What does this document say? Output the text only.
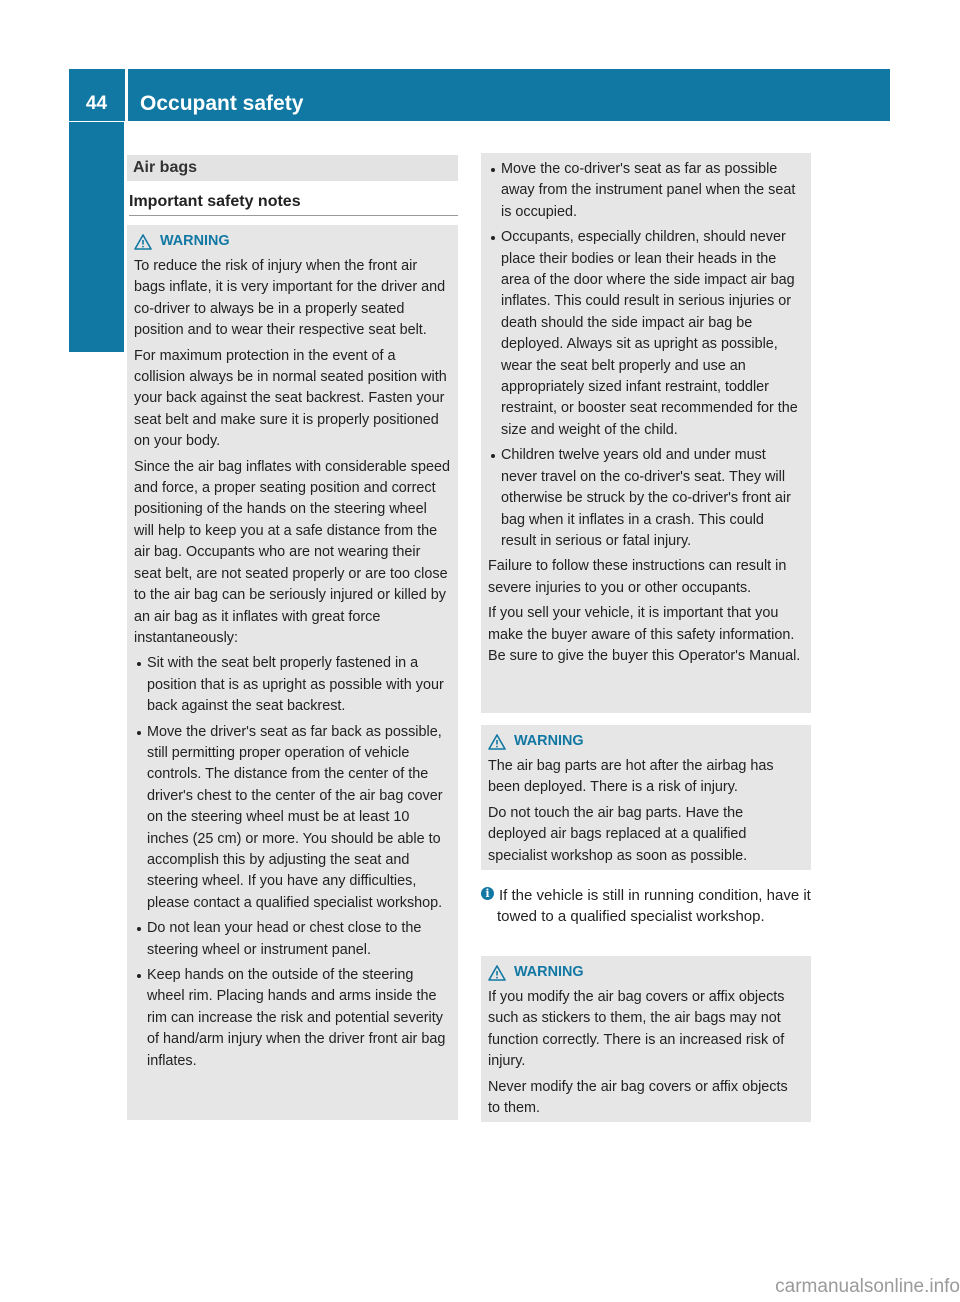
44	Occupant safety
Safety
Air bags
Important safety notes
WARNING

To reduce the risk of injury when the front air bags inflate, it is very important for the driver and co-driver to always be in a properly seated position and to wear their respective seat belt.

For maximum protection in the event of a collision always be in normal seated position with your back against the seat backrest. Fasten your seat belt and make sure it is properly positioned on your body.

Since the air bag inflates with considerable speed and force, a proper seating position and correct positioning of the hands on the steering wheel will help to keep you at a safe distance from the air bag. Occupants who are not wearing their seat belt, are not seated properly or are too close to the air bag can be seriously injured or killed by an air bag as it inflates with great force instantaneously:

Sit with the seat belt properly fastened in a position that is as upright as possible with your back against the seat backrest.
Move the driver's seat as far back as possible, still permitting proper operation of vehicle controls. The distance from the center of the driver's chest to the center of the air bag cover on the steering wheel must be at least 10 inches (25 cm) or more. You should be able to accomplish this by adjusting the seat and steering wheel. If you have any difficulties, please contact a qualified specialist workshop.
Do not lean your head or chest close to the steering wheel or instrument panel.
Keep hands on the outside of the steering wheel rim. Placing hands and arms inside the rim can increase the risk and potential severity of hand/arm injury when the driver front air bag inflates.
Move the co-driver's seat as far as possible away from the instrument panel when the seat is occupied.
Occupants, especially children, should never place their bodies or lean their heads in the area of the door where the side impact air bag inflates. This could result in serious injuries or death should the side impact air bag be deployed. Always sit as upright as possible, wear the seat belt properly and use an appropriately sized infant restraint, toddler restraint, or booster seat recommended for the size and weight of the child.
Children twelve years old and under must never travel on the co-driver's seat. They will otherwise be struck by the co-driver's front air bag when it inflates in a crash. This could result in serious or fatal injury.

Failure to follow these instructions can result in severe injuries to you or other occupants.

If you sell your vehicle, it is important that you make the buyer aware of this safety information. Be sure to give the buyer this Operator's Manual.

WARNING

The air bag parts are hot after the airbag has been deployed. There is a risk of injury.

Do not touch the air bag parts. Have the deployed air bags replaced at a qualified specialist workshop as soon as possible.

i If the vehicle is still in running condition, have it towed to a qualified specialist workshop.
WARNING

If you modify the air bag covers or affix objects such as stickers to them, the air bags may not function correctly. There is an increased risk of injury.

Never modify the air bag covers or affix objects to them.

carmanualsonline.info
